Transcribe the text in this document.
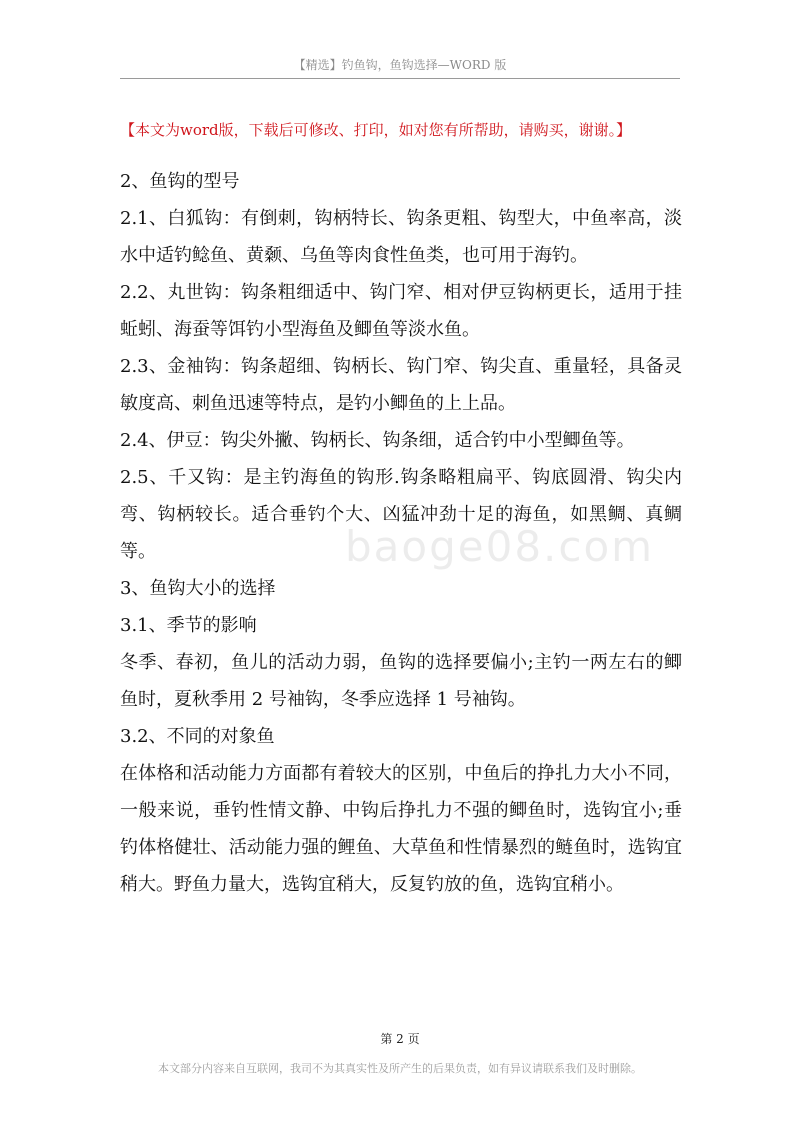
【精选】钓鱼钩，鱼钩选择—WORD 版
【本文为word版，下载后可修改、打印，如对您有所帮助，请购买，谢谢。】

2、鱼钩的型号

2.1、白狐钩：有倒刺，钩柄特长、钩条更粗、钩型大，中鱼率高，淡水中适钓鲶鱼、黄颡、乌鱼等肉食性鱼类，也可用于海钓。

2.2、丸世钩：钩条粗细适中、钩门窄、相对伊豆钩柄更长，适用于挂蚯蚓、海蚕等饵钓小型海鱼及鲫鱼等淡水鱼。

2.3、金袖钩：钩条超细、钩柄长、钩门窄、钩尖直、重量轻，具备灵敏度高、刺鱼迅速等特点，是钓小鲫鱼的上上品。

2.4、伊豆：钩尖外撇、钩柄长、钩条细，适合钓中小型鲫鱼等。

2.5、千又钩：是主钓海鱼的钩形.钩条略粗扁平、钩底圆滑、钩尖内弯、钩柄较长。适合垂钓个大、凶猛冲劲十足的海鱼，如黑鲷、真鲷等。

3、鱼钩大小的选择

3.1、季节的影响

冬季、春初，鱼儿的活动力弱，鱼钩的选择要偏小;主钓一两左右的鲫鱼时，夏秋季用 2 号袖钩，冬季应选择 1 号袖钩。

3.2、不同的对象鱼

在体格和活动能力方面都有着较大的区别，中鱼后的挣扎力大小不同，一般来说，垂钓性情文静、中钩后挣扎力不强的鲫鱼时，选钩宜小;垂钓体格健壮、活动能力强的鲤鱼、大草鱼和性情暴烈的鲢鱼时，选钩宜稍大。野鱼力量大，选钩宜稍大，反复钓放的鱼，选钩宜稍小。

baoge08.com
第 2 页
本文部分内容来自互联网，我司不为其真实性及所产生的后果负责，如有异议请联系我们及时删除。
